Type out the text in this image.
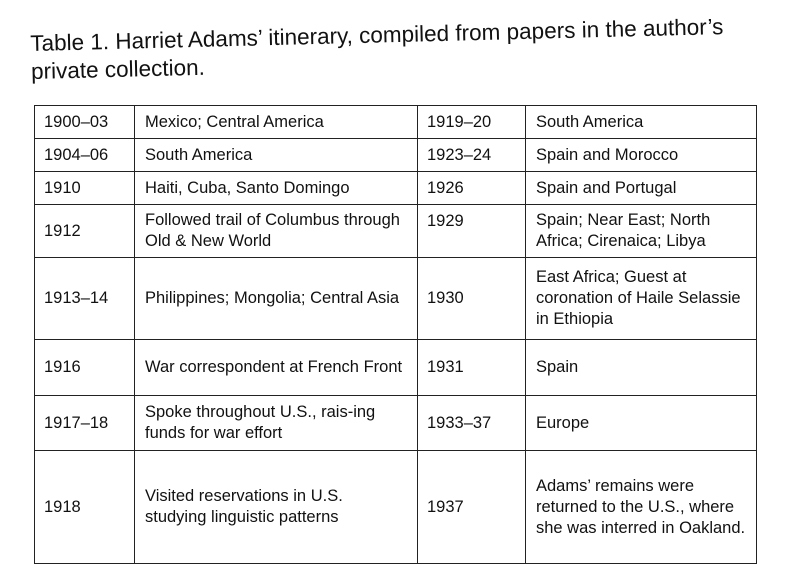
Table 1. Harriet Adams’ itinerary, compiled from papers in the author’s private collection.

1900–03	Mexico; Central America	1919–20	South America
1904–06	South America	1923–24	Spain and Morocco
1910	Haiti, Cuba, Santo Domingo	1926	Spain and Portugal
1912	Followed trail of Columbus through Old & New World	1929	Spain; Near East; North Africa; Cirenaica; Libya
1913–14	Philippines; Mongolia; Central Asia	1930	East Africa; Guest at coronation of Haile Selassie in Ethiopia
1916	War correspondent at French Front	1931	Spain
1917–18	Spoke throughout U.S., rais-ing funds for war effort	1933–37	Europe
1918	Visited reservations in U.S. studying linguistic patterns	1937	Adams’ remains were returned to the U.S., where she was interred in Oakland.
